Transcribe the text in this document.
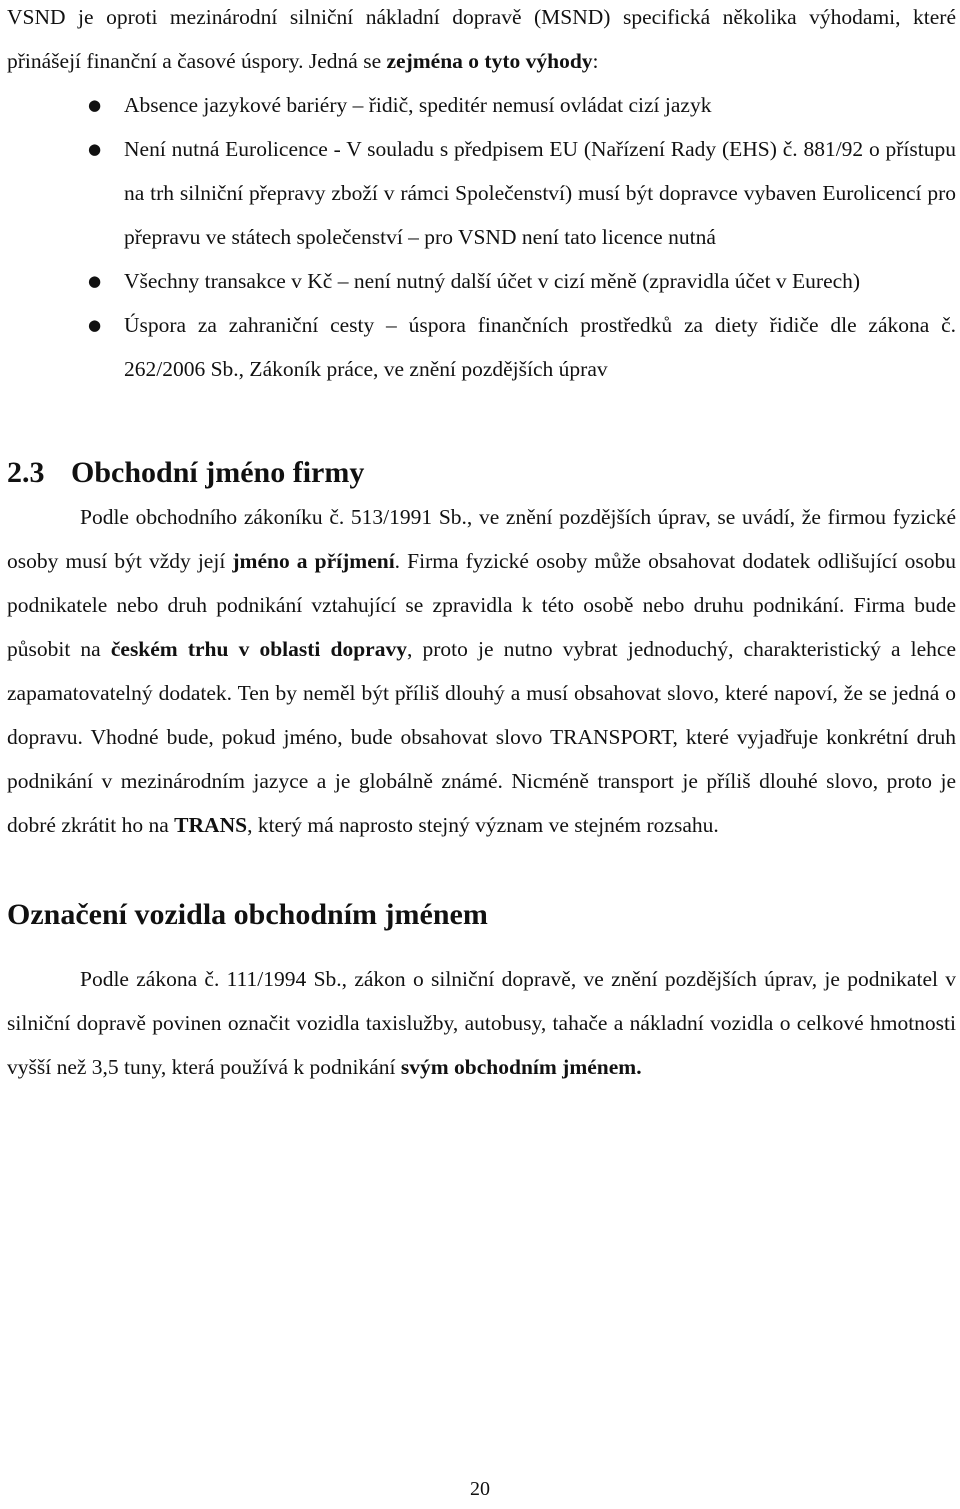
VSND je oproti mezinárodní silniční nákladní dopravě (MSND) specifická několika výhodami, které přinášejí finanční a časové úspory. Jedná se zejména o tyto výhody:

● Absence jazykové bariéry – řidič, speditér nemusí ovládat cizí jazyk
● Není nutná Eurolicence - V souladu s předpisem EU (Nařízení Rady (EHS) č. 881/92 o přístupu na trh silniční přepravy zboží v rámci Společenství) musí být dopravce vybaven Eurolicencí pro přepravu ve státech společenství – pro VSND není tato licence nutná
● Všechny transakce v Kč – není nutný další účet v cizí měně (zpravidla účet v Eurech)
● Úspora za zahraniční cesty – úspora finančních prostředků za diety řidiče dle zákona č. 262/2006 Sb., Zákoník práce, ve znění pozdějších úprav
2.3 Obchodní jméno firmy

Podle obchodního zákoníku č. 513/1991 Sb., ve znění pozdějších úprav, se uvádí, že firmou fyzické osoby musí být vždy její jméno a příjmení. Firma fyzické osoby může obsahovat dodatek odlišující osobu podnikatele nebo druh podnikání vztahující se zpravidla k této osobě nebo druhu podnikání. Firma bude působit na českém trhu v oblasti dopravy, proto je nutno vybrat jednoduchý, charakteristický a lehce zapamatovatelný dodatek. Ten by neměl být příliš dlouhý a musí obsahovat slovo, které napoví, že se jedná o dopravu. Vhodné bude, pokud jméno, bude obsahovat slovo TRANSPORT, které vyjadřuje konkrétní druh podnikání v mezinárodním jazyce a je globálně známé. Nicméně transport je příliš dlouhé slovo, proto je dobré zkrátit ho na TRANS, který má naprosto stejný význam ve stejném rozsahu.

Označení vozidla obchodním jménem

Podle zákona č. 111/1994 Sb., zákon o silniční dopravě, ve znění pozdějších úprav, je podnikatel v silniční dopravě povinen označit vozidla taxislužby, autobusy, tahače a nákladní vozidla o celkové hmotnosti vyšší než 3,5 tuny, která používá k podnikání svým obchodním jménem.

20
